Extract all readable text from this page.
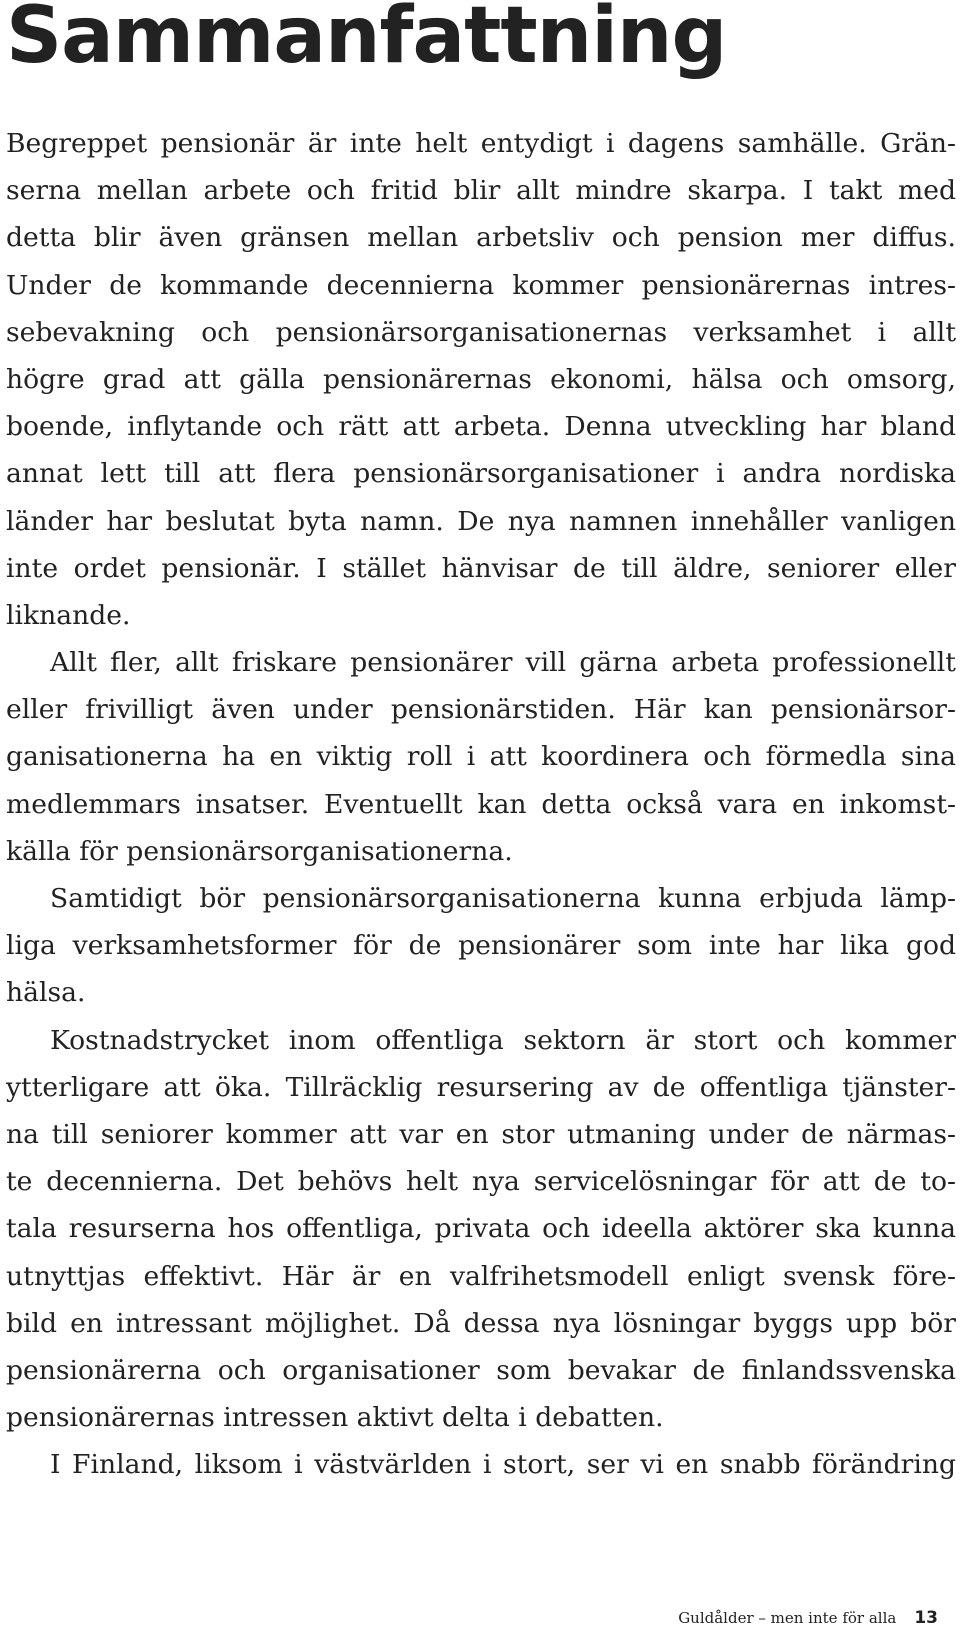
Sammanfattning
Begreppet pensionär är inte helt entydigt i dagens samhälle. Grän-
serna mellan arbete och fritid blir allt mindre skarpa. I takt med
detta blir även gränsen mellan arbetsliv och pension mer diffus.
Under de kommande decennierna kommer pensionärernas intres-
sebevakning och pensionärsorganisationernas verksamhet i allt
högre grad att gälla pensionärernas ekonomi, hälsa och omsorg,
boende, inflytande och rätt att arbeta. Denna utveckling har bland
annat lett till att flera pensionärsorganisationer i andra nordiska
länder har beslutat byta namn. De nya namnen innehåller vanligen
inte ordet pensionär. I stället hänvisar de till äldre, seniorer eller
liknande.
Allt fler, allt friskare pensionärer vill gärna arbeta professionellt
eller frivilligt även under pensionärstiden. Här kan pensionärsor-
ganisationerna ha en viktig roll i att koordinera och förmedla sina
medlemmars insatser. Eventuellt kan detta också vara en inkomst-
källa för pensionärsorganisationerna.
Samtidigt bör pensionärsorganisationerna kunna erbjuda lämp-
liga verksamhetsformer för de pensionärer som inte har lika god
hälsa.
Kostnadstrycket inom offentliga sektorn är stort och kommer
ytterligare att öka. Tillräcklig resursering av de offentliga tjänster-
na till seniorer kommer att var en stor utmaning under de närmas-
te decennierna. Det behövs helt nya servicelösningar för att de to-
tala resurserna hos offentliga, privata och ideella aktörer ska kunna
utnyttjas effektivt. Här är en valfrihetsmodell enligt svensk före-
bild en intressant möjlighet. Då dessa nya lösningar byggs upp bör
pensionärerna och organisationer som bevakar de finlandssvenska
pensionärernas intressen aktivt delta i debatten.
I Finland, liksom i västvärlden i stort, ser vi en snabb förändring
Guldålder – men inte för alla 13
